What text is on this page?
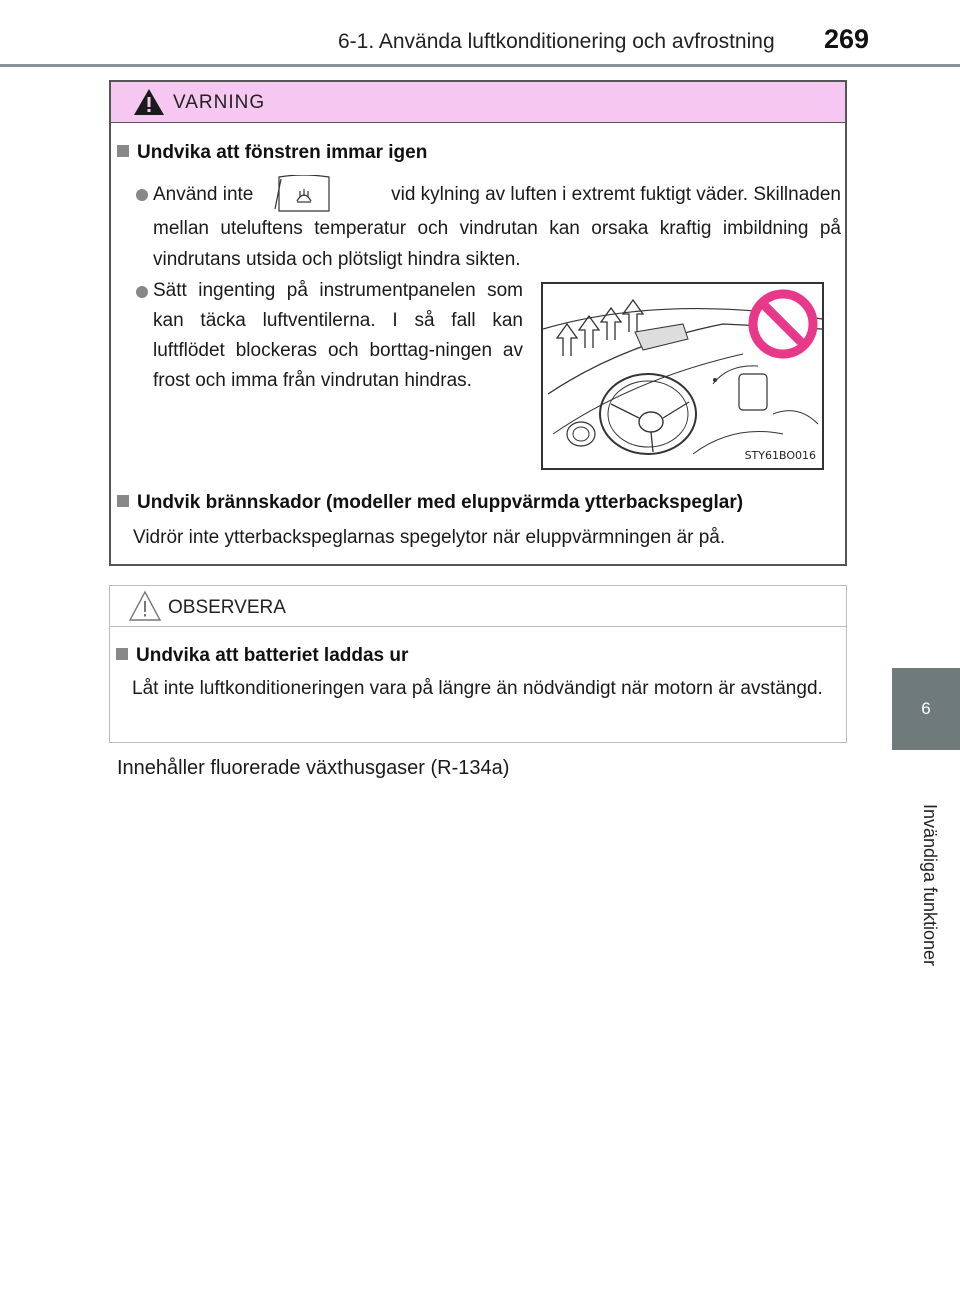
6-1. Använda luftkonditionering och avfrostning 269
6
Invändiga funktioner
VARNING
Undvika att fönstren immar igen
Använd inte	vid kylning av luften i extremt fuktigt väder. Skillnaden
mellan uteluftens temperatur och vindrutan kan orsaka kraftig imbildning på vindrutans utsida och plötsligt hindra sikten.
Sätt ingenting på instrumentpanelen som kan täcka luftventilerna. I så fall kan luftflödet blockeras och borttag-ningen av frost och imma från vindrutan hindras.
STY61BO016
Undvik brännskador (modeller med eluppvärmda ytterbackspeglar)
Vidrör inte ytterbackspeglarnas spegelytor när eluppvärmningen är på.
OBSERVERA
Undvika att batteriet laddas ur
Låt inte luftkonditioneringen vara på längre än nödvändigt när motorn är avstängd.
Innehåller fluorerade växthusgaser (R-134a)
